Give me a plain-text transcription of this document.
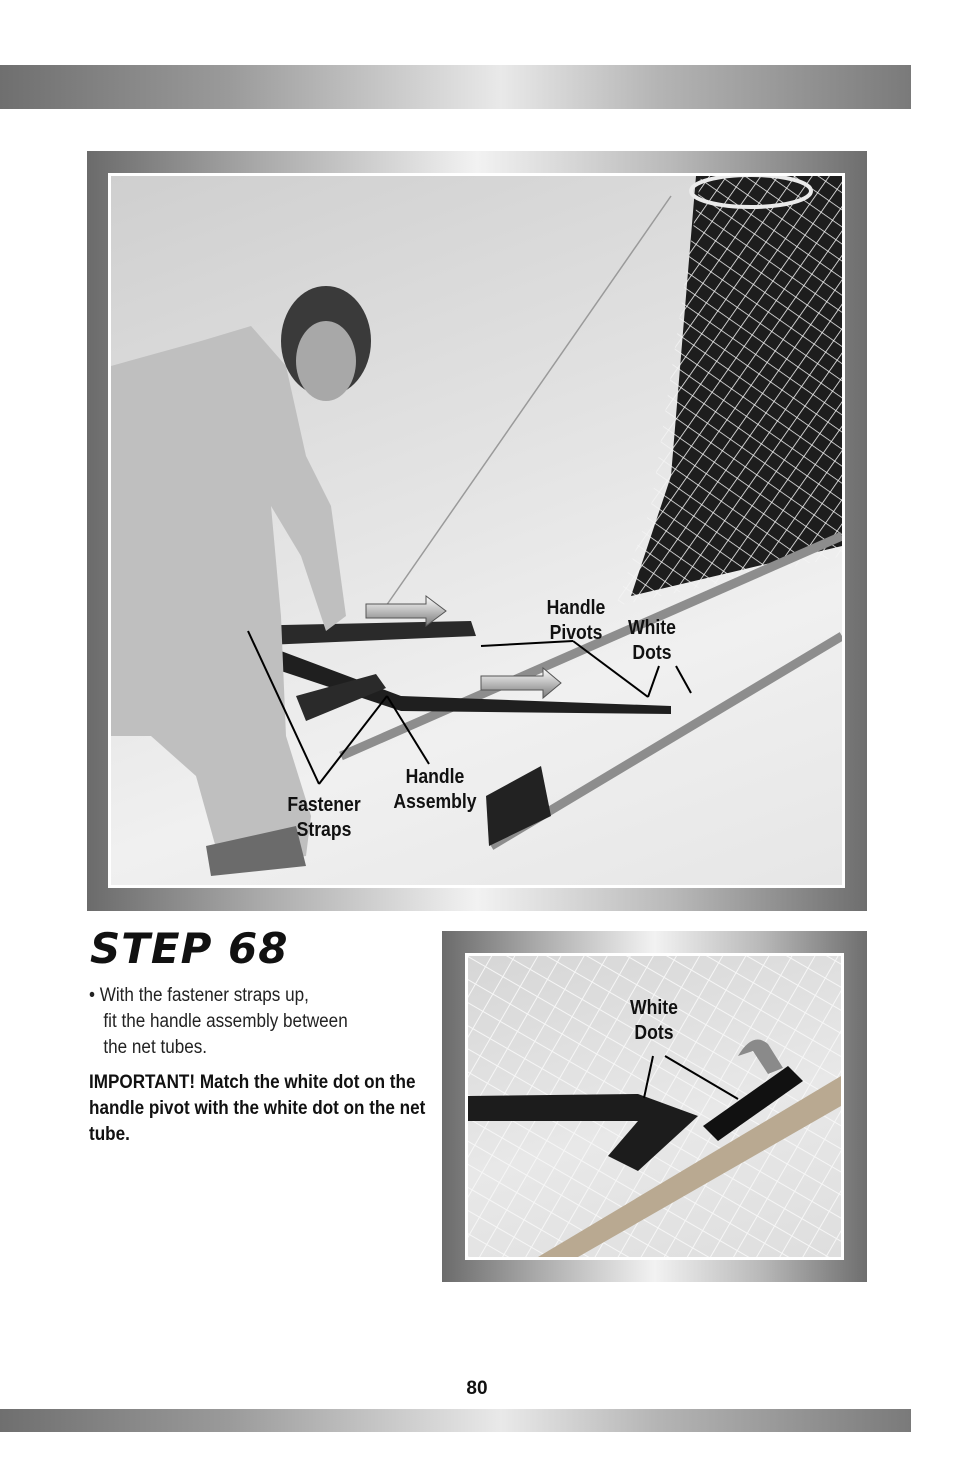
Handle
Pivots	White
Dots
Handle
Assembly
Fastener
Straps
STEP 68
• With the fastener straps up,
fit the handle assembly between
the net tubes.
IMPORTANT! Match the white dot on the handle pivot with the white dot on the net tube.
White
Dots
80
